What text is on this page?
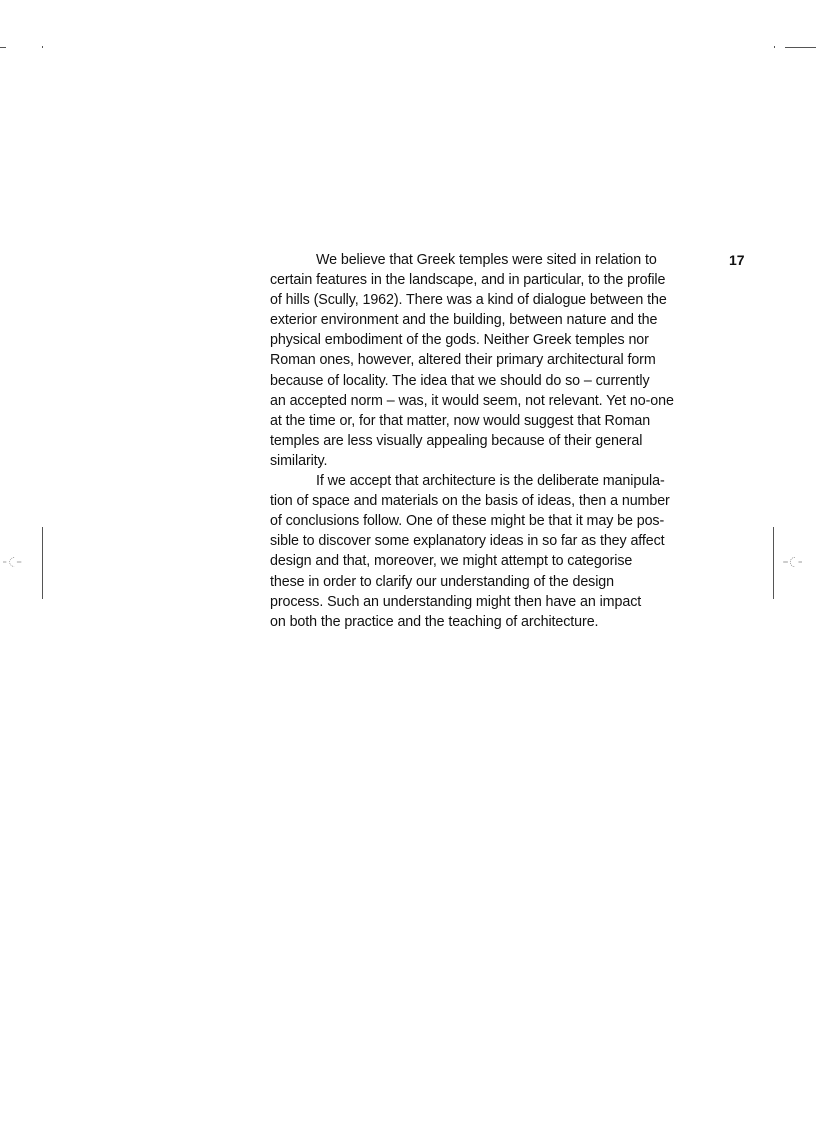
17

We believe that Greek temples were sited in relation to
certain features in the landscape, and in particular, to the profile
of hills (Scully, 1962). There was a kind of dialogue between the
exterior environment and the building, between nature and the
physical embodiment of the gods. Neither Greek temples nor
Roman ones, however, altered their primary architectural form
because of locality. The idea that we should do so – currently
an accepted norm – was, it would seem, not relevant. Yet no-one
at the time or, for that matter, now would suggest that Roman
temples are less visually appealing because of their general
similarity.

If we accept that architecture is the deliberate manipula-
tion of space and materials on the basis of ideas, then a number
of conclusions follow. One of these might be that it may be pos-
sible to discover some explanatory ideas in so far as they affect
design and that, moreover, we might attempt to categorise
these in order to clarify our understanding of the design
process. Such an understanding might then have an impact
on both the practice and the teaching of architecture.
